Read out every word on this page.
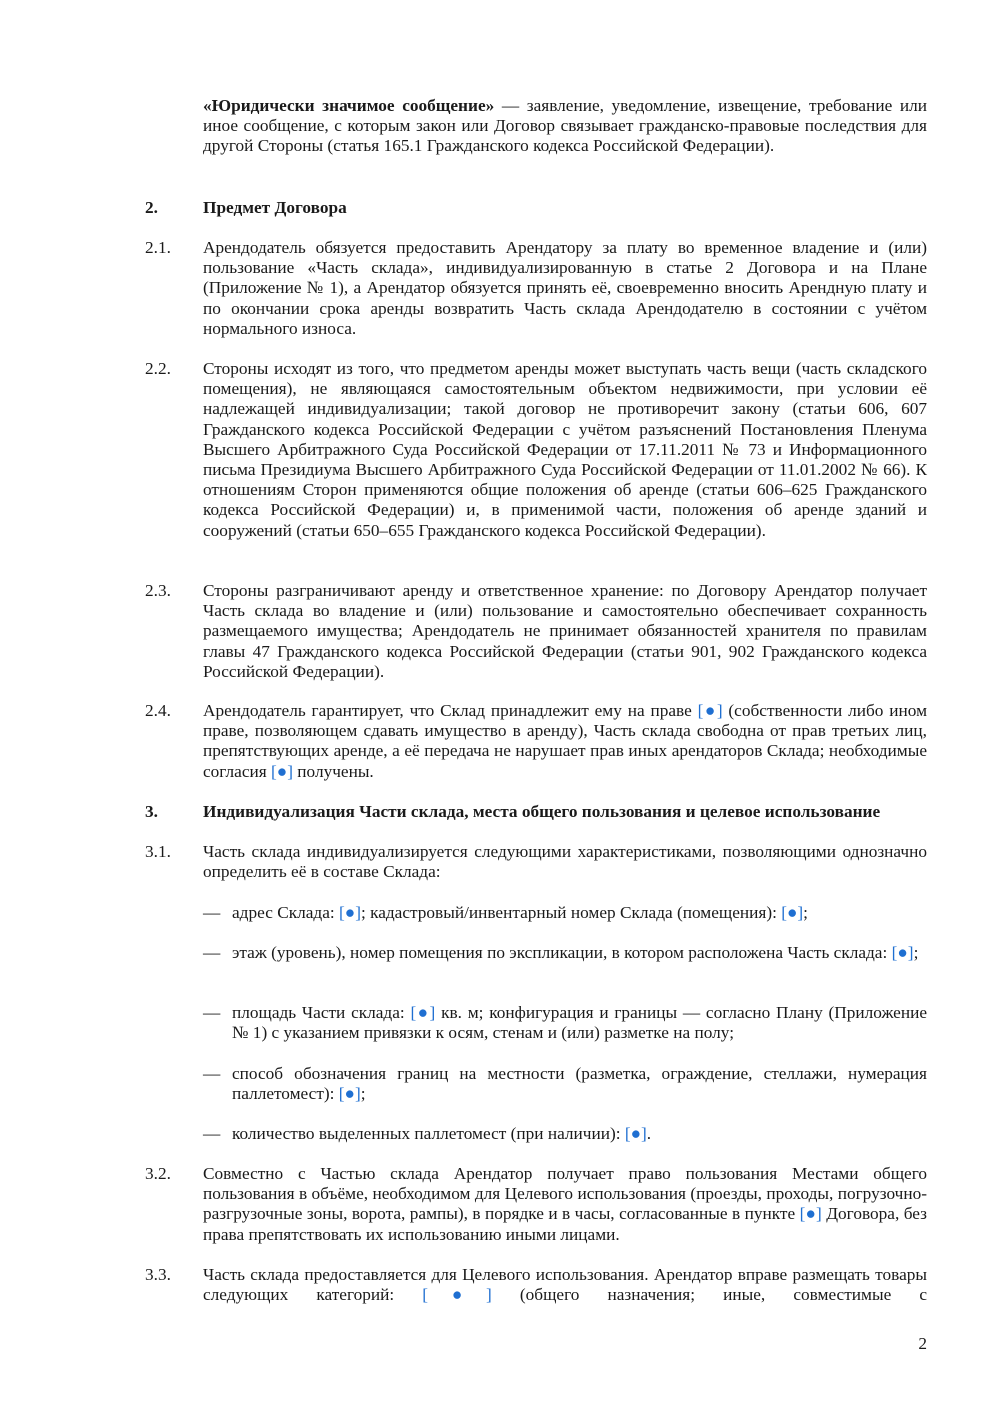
«Юридически значимое сообщение» — заявление, уведомление, извещение, требование или иное сообщение, с которым закон или Договор связывает гражданско-правовые последствия для другой Стороны (статья 165.1 Гражданского кодекса Российской Федерации).
2.	Предмет Договора
2.1.	Арендодатель обязуется предоставить Арендатору за плату во временное владение и (или) пользование «Часть склада», индивидуализированную в статье 2 Договора и на Плане (Приложение № 1), а Арендатор обязуется принять её, своевременно вносить Арендную плату и по окончании срока аренды возвратить Часть склада Арендодателю в состоянии с учётом нормального износа.
2.2.	Стороны исходят из того, что предметом аренды может выступать часть вещи (часть складского помещения), не являющаяся самостоятельным объектом недвижимости, при условии её надлежащей индивидуализации; такой договор не противоречит закону (статьи 606, 607 Гражданского кодекса Российской Федерации с учётом разъяснений Постановления Пленума Высшего Арбитражного Суда Российской Федерации от 17.11.2011 № 73 и Информационного письма Президиума Высшего Арбитражного Суда Российской Федерации от 11.01.2002 № 66). К отношениям Сторон применяются общие положения об аренде (статьи 606–625 Гражданского кодекса Российской Федерации) и, в применимой части, положения об аренде зданий и сооружений (статьи 650–655 Гражданского кодекса Российской Федерации).
2.3.	Стороны разграничивают аренду и ответственное хранение: по Договору Арендатор получает Часть склада во владение и (или) пользование и самостоятельно обеспечивает сохранность размещаемого имущества; Арендодатель не принимает обязанностей хранителя по правилам главы 47 Гражданского кодекса Российской Федерации (статьи 901, 902 Гражданского кодекса Российской Федерации).
2.4.	Арендодатель гарантирует, что Склад принадлежит ему на праве [●] (собственности либо ином праве, позволяющем сдавать имущество в аренду), Часть склада свободна от прав третьих лиц, препятствующих аренде, а её передача не нарушает прав иных арендаторов Склада; необходимые согласия [●] получены.
3.	Индивидуализация Части склада, места общего пользования и целевое использование
3.1.	Часть склада индивидуализируется следующими характеристиками, позволяющими однозначно определить её в составе Склада:
— адрес Склада: [●]; кадастровый/инвентарный номер Склада (помещения): [●];
— этаж (уровень), номер помещения по экспликации, в котором расположена Часть склада: [●];
— площадь Части склада: [●] кв. м; конфигурация и границы — согласно Плану (Приложение № 1) с указанием привязки к осям, стенам и (или) разметке на полу;
— способ обозначения границ на местности (разметка, ограждение, стеллажи, нумерация паллетомест): [●];
— количество выделенных паллетомест (при наличии): [●].
3.2.	Совместно с Частью склада Арендатор получает право пользования Местами общего пользования в объёме, необходимом для Целевого использования (проезды, проходы, погрузочно-разгрузочные зоны, ворота, рампы), в порядке и в часы, согласованные в пункте [●] Договора, без права препятствовать их использованию иными лицами.
3.3.	Часть склада предоставляется для Целевого использования. Арендатор вправе размещать товары следующих категорий: [●] (общего назначения; иные, совместимые с
2
